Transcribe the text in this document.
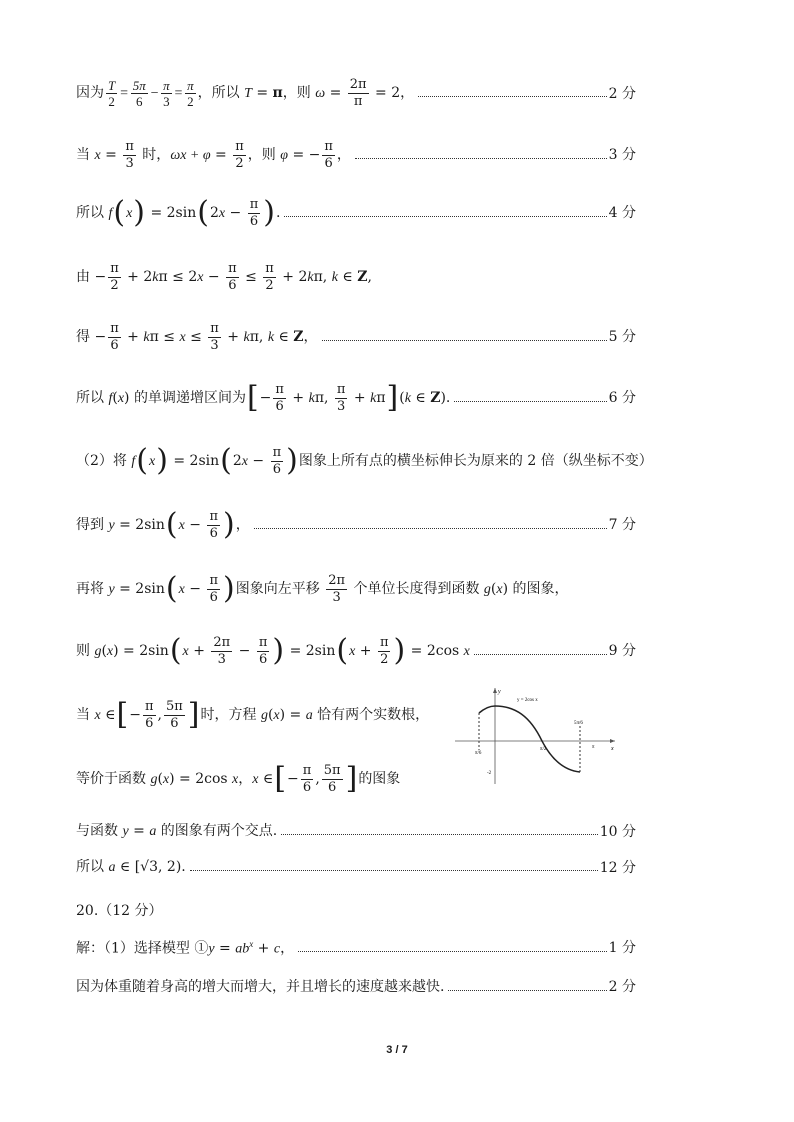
因为 $\frac{T}{2} = \frac{5\pi}{6} - \frac{\pi}{3} = \frac{\pi}{2}$ ，所以 T = π，则 $\omega = \frac{2\pi}{\pi} = 2$，	2 分
当 $x = \frac{\pi}{3}$ 时，$\omega x + \varphi = \frac{\pi}{2}$ ，则 φ = − $\frac{\pi}{6}$ ，	3 分
所以 $f(x) = 2\sin(2x - \frac{\pi}{6}$ ).	4 分
由 − $\frac{\pi}{2} + 2k\pi \le 2x - \frac{\pi}{6} \le \frac{\pi}{2} + 2k\pi$, k ∈ Z,
得 − $\frac{\pi}{6} + k\pi \le x \le \frac{\pi}{3} + k\pi$, k ∈ Z，	5 分
所以 f(x) 的单调递增区间为[− $\frac{\pi}{6} + k\pi$, $\frac{\pi}{3} + k\pi](k$ ∈ Z).	6 分
（2）将 $f(x) = 2\sin(2x - \frac{\pi}{6}$ )图象上所有点的横坐标伸长为原来的 2 倍（纵坐标不变）
得到 $y = 2\sin(x - \frac{\pi}{6}$ )，	7 分
再将 $y = 2\sin(x - \frac{\pi}{6}$ )图象向左平移 $\frac{2\pi}{3}$ 个单位长度得到函数 g(x) 的图象，
则 $g(x) = 2\sin(x + \frac{2\pi}{3} - \frac{\pi}{6}$ ) = $2\sin(x + \frac{\pi}{2}$ ) = 2cos x	9 分
当 x ∈[− $\frac{\pi}{6}$ , $\frac{5\pi}{6}$ ]时，方程 g(x) = a 恰有两个实数根，
x
y
y = 2cos x
π/6
π/2
5π/6
π
-2
等价于函数 g(x) = 2cos x，x ∈[− $\frac{\pi}{6}$ , $\frac{5\pi}{6}$ ]的图象
与函数 y = a 的图象有两个交点.	10 分
所以 a ∈ [√3, 2).	12 分
20.（12 分）
解：（1）选择模型 ①y = $ab^x + c$，	1 分
因为体重随着身高的增大而增大，并且增长的速度越来越快.	2 分
3 / 7
